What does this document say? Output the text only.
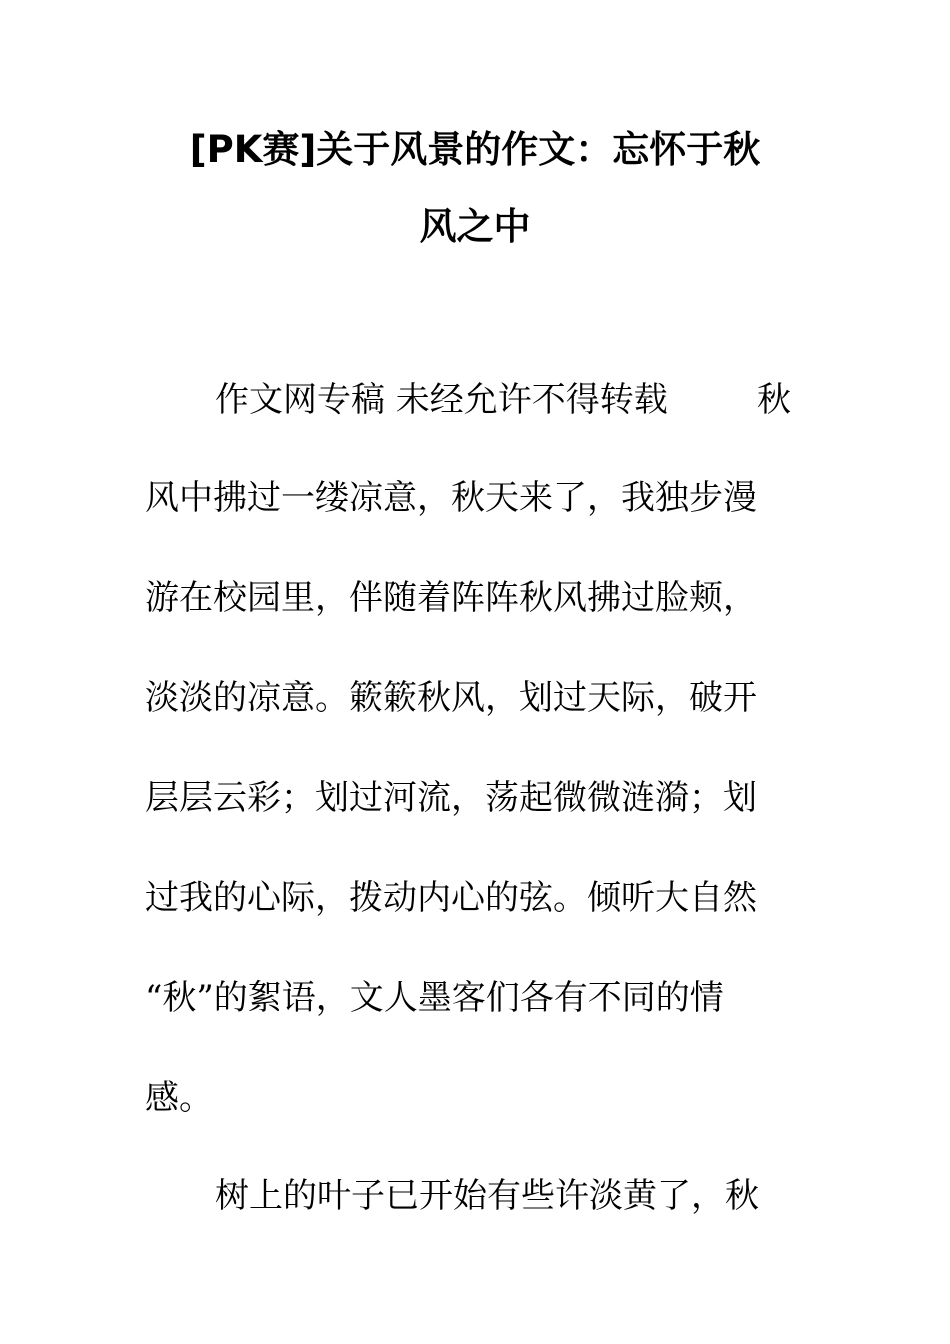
[PK赛]关于风景的作文：忘怀于秋
风之中
作文网专稿 未经允许不得转载	秋
风中拂过一缕凉意，秋天来了，我独步漫
游在校园里，伴随着阵阵秋风拂过脸颊，
淡淡的凉意。簌簌秋风，划过天际，破开
层层云彩；划过河流，荡起微微涟漪；划
过我的心际，拨动内心的弦。倾听大自然
“秋”的絮语，文人墨客们各有不同的情
感。
树上的叶子已开始有些许淡黄了，秋
